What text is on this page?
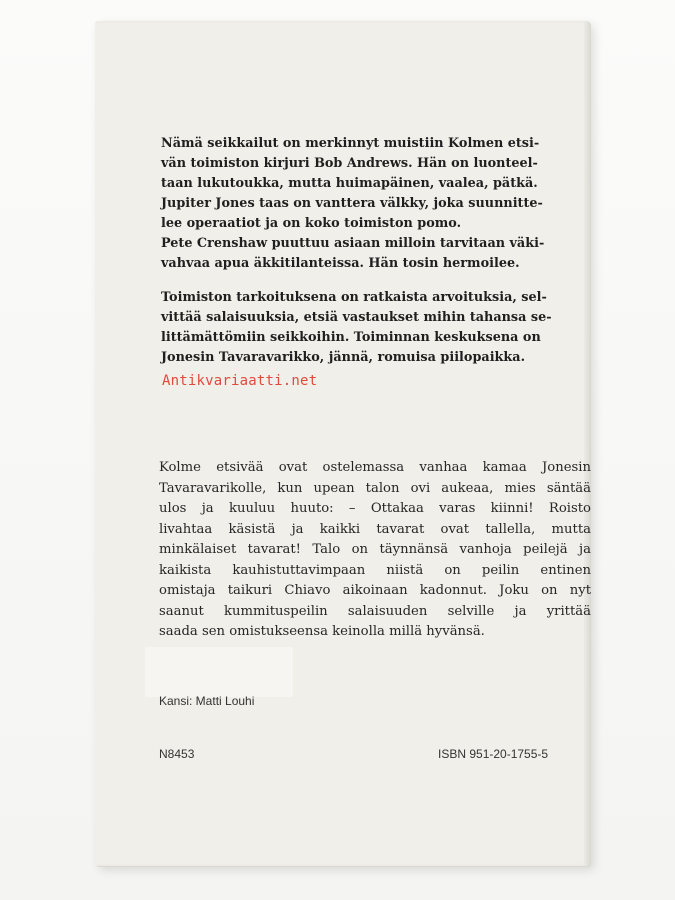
Nämä seikkailut on merkinnyt muistiin Kolmen etsi-
vän toimiston kirjuri Bob Andrews. Hän on luonteel-
taan lukutoukka, mutta huimapäinen, vaalea, pätkä.
Jupiter Jones taas on vanttera välkky, joka suunnitte-
lee operaatiot ja on koko toimiston pomo.
Pete Crenshaw puuttuu asiaan milloin tarvitaan väki-
vahvaa apua äkkitilanteissa. Hän tosin hermoilee.

Toimiston tarkoituksena on ratkaista arvoituksia, sel-
vittää salaisuuksia, etsiä vastaukset mihin tahansa se-
littämättömiin seikkoihin. Toiminnan keskuksena on
Jonesin Tavaravarikko, jännä, romuisa piilopaikka.

Kolme etsivää ovat ostelemassa vanhaa kamaa Jonesin
Tavaravarikolle, kun upean talon ovi aukeaa, mies säntää
ulos ja kuuluu huuto: – Ottakaa varas kiinni! Roisto
livahtaa käsistä ja kaikki tavarat ovat tallella, mutta
minkälaiset tavarat! Talo on täynnänsä vanhoja peilejä ja
kaikista kauhistuttavimpaan niistä on peilin entinen
omistaja taikuri Chiavo aikoinaan kadonnut. Joku on nyt
saanut kummituspeilin salaisuuden selville ja yrittää
saada sen omistukseensa keinolla millä hyvänsä.

Kansi: Matti Louhi

N8453	ISBN 951-20-1755-5

Antikvariaatti.net
